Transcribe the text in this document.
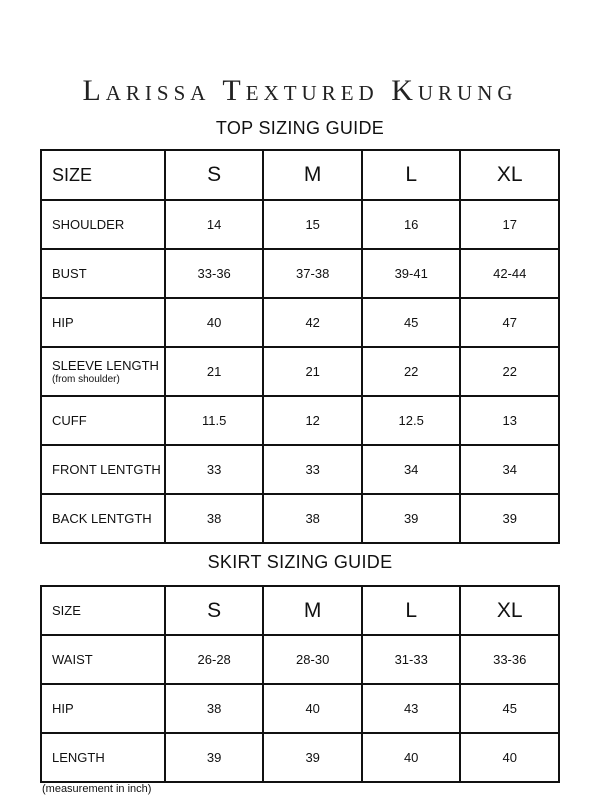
Larissa Textured Kurung
TOP SIZING GUIDE
SIZE	S	M	L	XL
SHOULDER	14	15	16	17
BUST	33-36	37-38	39-41	42-44
HIP	40	42	45	47
SLEEVE LENGTH
(from shoulder)	21	21	22	22
CUFF	11.5	12	12.5	13
FRONT LENTGTH	33	33	34	34
BACK LENTGTH	38	38	39	39
SKIRT SIZING GUIDE
SIZE	S	M	L	XL
WAIST	26-28	28-30	31-33	33-36
HIP	38	40	43	45
LENGTH	39	39	40	40
(measurement in inch)
